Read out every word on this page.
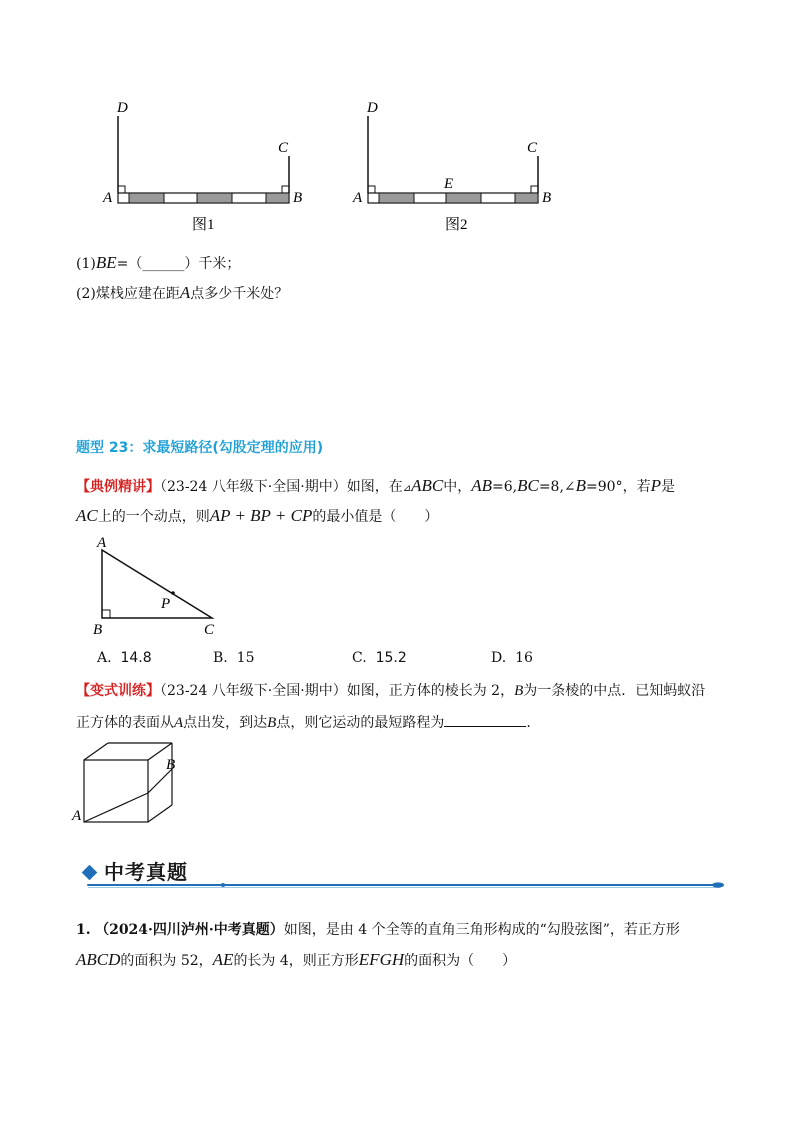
D
C
A	B
图1
D
C
E
A	B
图2
(1)BE=（______）千米；
(2)煤栈应建在距A点多少千米处？
题型 23：求最短路径(勾股定理的应用)
【典例精讲】（23-24 八年级下·全国·期中）如图，在⊿ABC中，AB=6,BC=8,∠B=90°，若P是
AC上的一个动点，则AP + BP + CP的最小值是（　　）
A
P
B	C
A. 14.8	B. 15	C. 15.2	D. 16
【变式训练】（23-24 八年级下·全国·期中）如图，正方体的棱长为 2，B为一条棱的中点．已知蚂蚁沿
正方体的表面从A点出发，到达B点，则它运动的最短路程为	.
B
A
中考真题
1. （2024·四川泸州·中考真题）如图，是由 4 个全等的直角三角形构成的“勾股弦图”，若正方形
ABCD的面积为 52，AE的长为 4，则正方形EFGH的面积为（　　）
